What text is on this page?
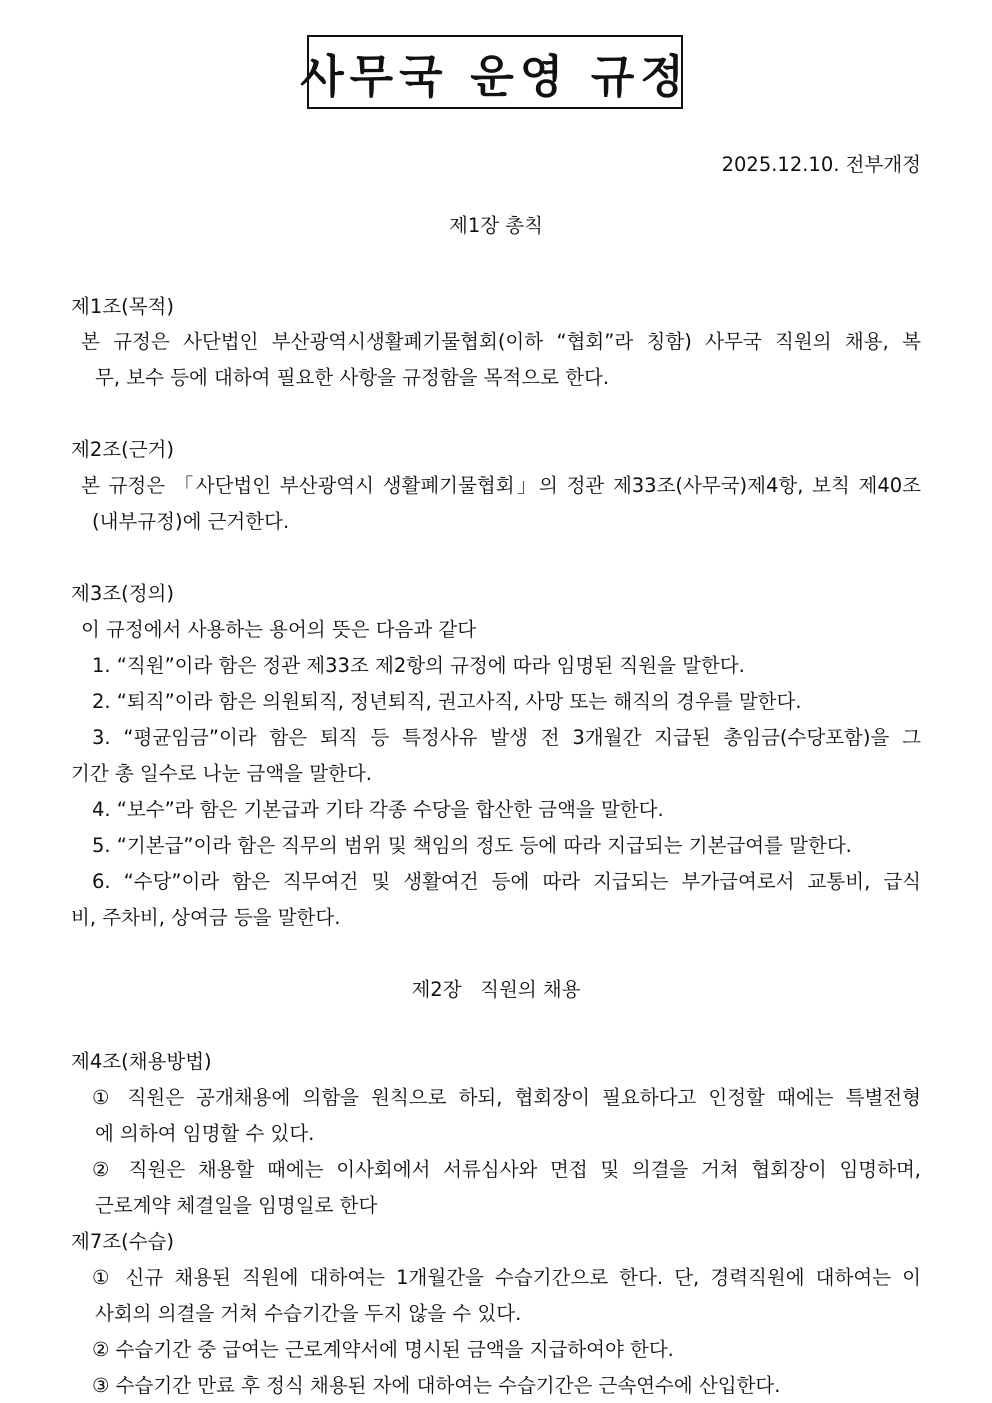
사무국 운영 규정
2025.12.10. 전부개정
제1장 총칙
제1조(목적)
본 규정은 사단법인 부산광역시생활폐기물협회(이하 “협회”라 칭함) 사무국 직원의 채용, 복
무, 보수 등에 대하여 필요한 사항을 규정함을 목적으로 한다.
제2조(근거)
본 규정은 「사단법인 부산광역시 생활폐기물협회」의 정관 제33조(사무국)제4항, 보칙 제40조
(내부규정)에 근거한다.
제3조(정의)
이 규정에서 사용하는 용어의 뜻은 다음과 같다
1. “직원”이라 함은 정관 제33조 제2항의 규정에 따라 임명된 직원을 말한다.
2. “퇴직”이라 함은 의원퇴직, 정년퇴직, 권고사직, 사망 또는 해직의 경우를 말한다.
3. “평균임금”이라 함은 퇴직 등 특정사유 발생 전 3개월간 지급된 총임금(수당포함)을 그
기간 총 일수로 나눈 금액을 말한다.
4. “보수”라 함은 기본급과 기타 각종 수당을 합산한 금액을 말한다.
5. “기본급”이라 함은 직무의 범위 및 책임의 정도 등에 따라 지급되는 기본급여를 말한다.
6. “수당”이라 함은 직무여건 및 생활여건 등에 따라 지급되는 부가급여로서 교통비, 급식
비, 주차비, 상여금 등을 말한다.
제2장   직원의 채용
제4조(채용방법)
① 직원은 공개채용에 의함을 원칙으로 하되, 협회장이 필요하다고 인정할 때에는 특별전형
에 의하여 임명할 수 있다.
② 직원은 채용할 때에는 이사회에서 서류심사와 면접 및 의결을 거쳐 협회장이 임명하며,
근로계약 체결일을 임명일로 한다
제7조(수습)
① 신규 채용된 직원에 대하여는 1개월간을 수습기간으로 한다. 단, 경력직원에 대하여는 이
사회의 의결을 거쳐 수습기간을 두지 않을 수 있다.
② 수습기간 중 급여는 근로계약서에 명시된 금액을 지급하여야 한다.
③ 수습기간 만료 후 정식 채용된 자에 대하여는 수습기간은 근속연수에 산입한다.
